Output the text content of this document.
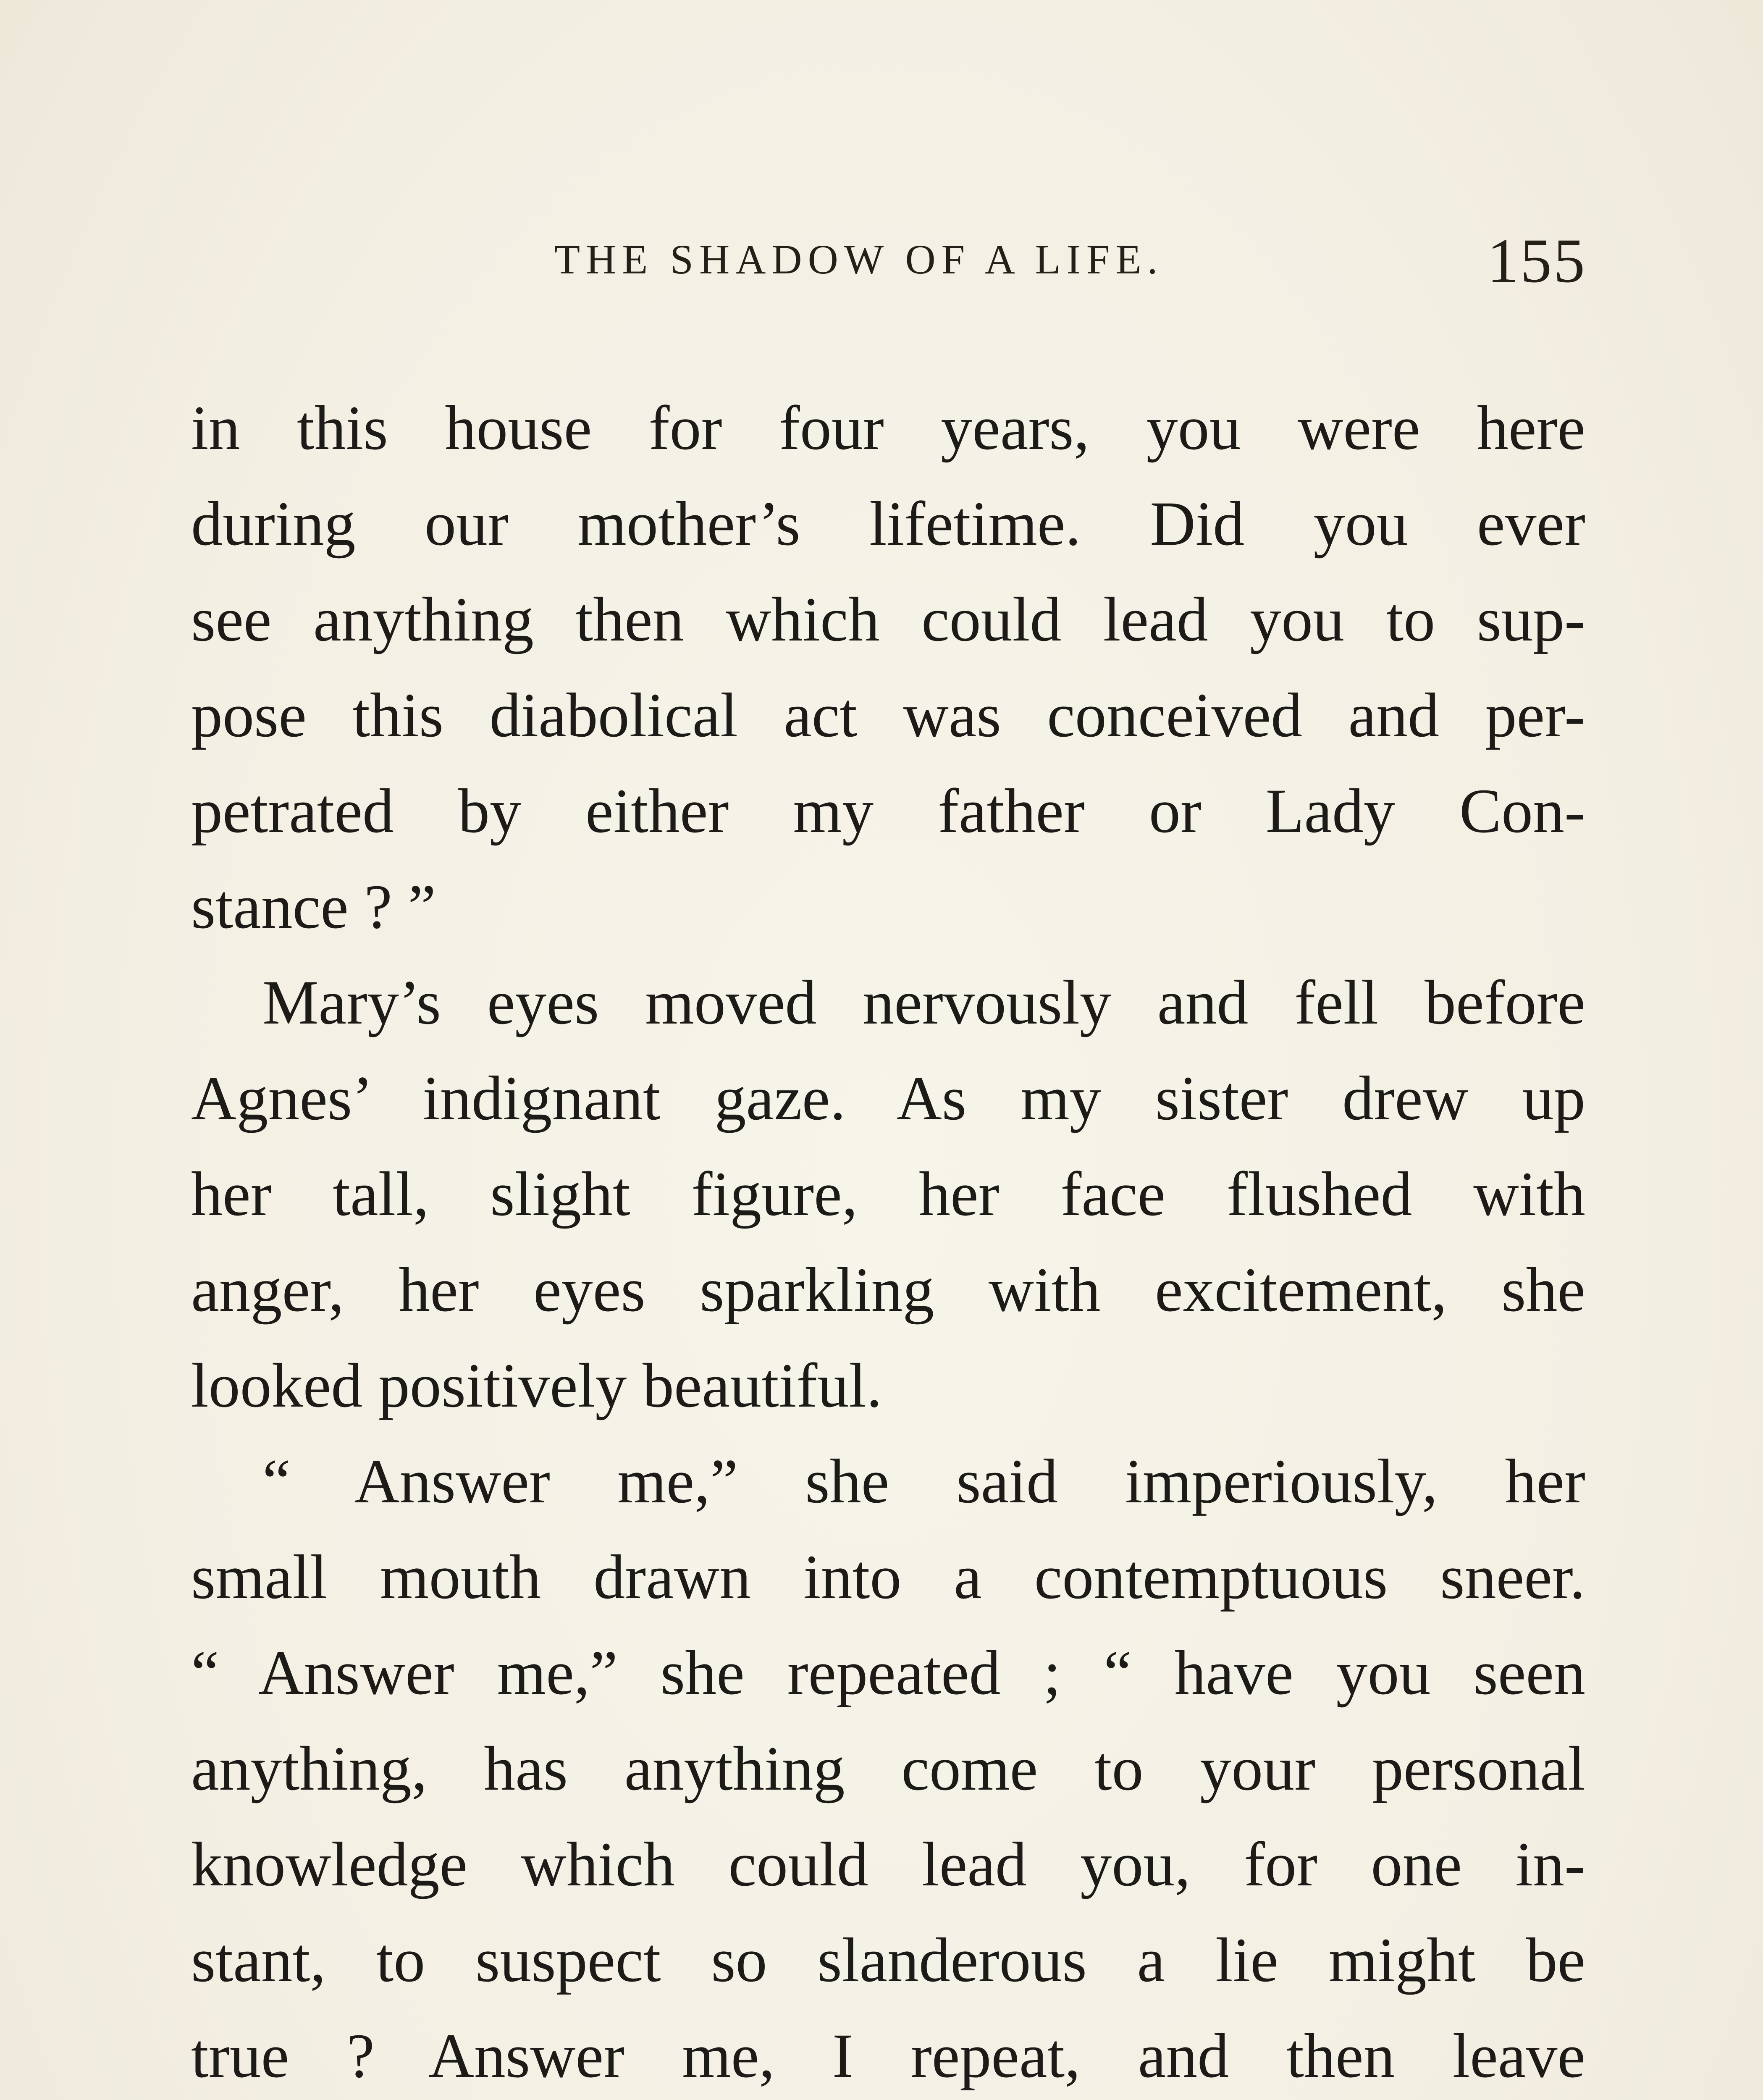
THE SHADOW OF A LIFE.	155
in this house for four years, you were here
during our mother’s lifetime. Did you ever
see anything then which could lead you to sup-
pose this diabolical act was conceived and per-
petrated by either my father or Lady Con-
stance ? ”
Mary’s eyes moved nervously and fell before
Agnes’ indignant gaze. As my sister drew up
her tall, slight figure, her face flushed with
anger, her eyes sparkling with excitement, she
looked positively beautiful.
“ Answer me,” she said imperiously, her
small mouth drawn into a contemptuous sneer.
“ Answer me,” she repeated ; “ have you seen
anything, has anything come to your personal
knowledge which could lead you, for one in-
stant, to suspect so slanderous a lie might be
true ? Answer me, I repeat, and then leave
